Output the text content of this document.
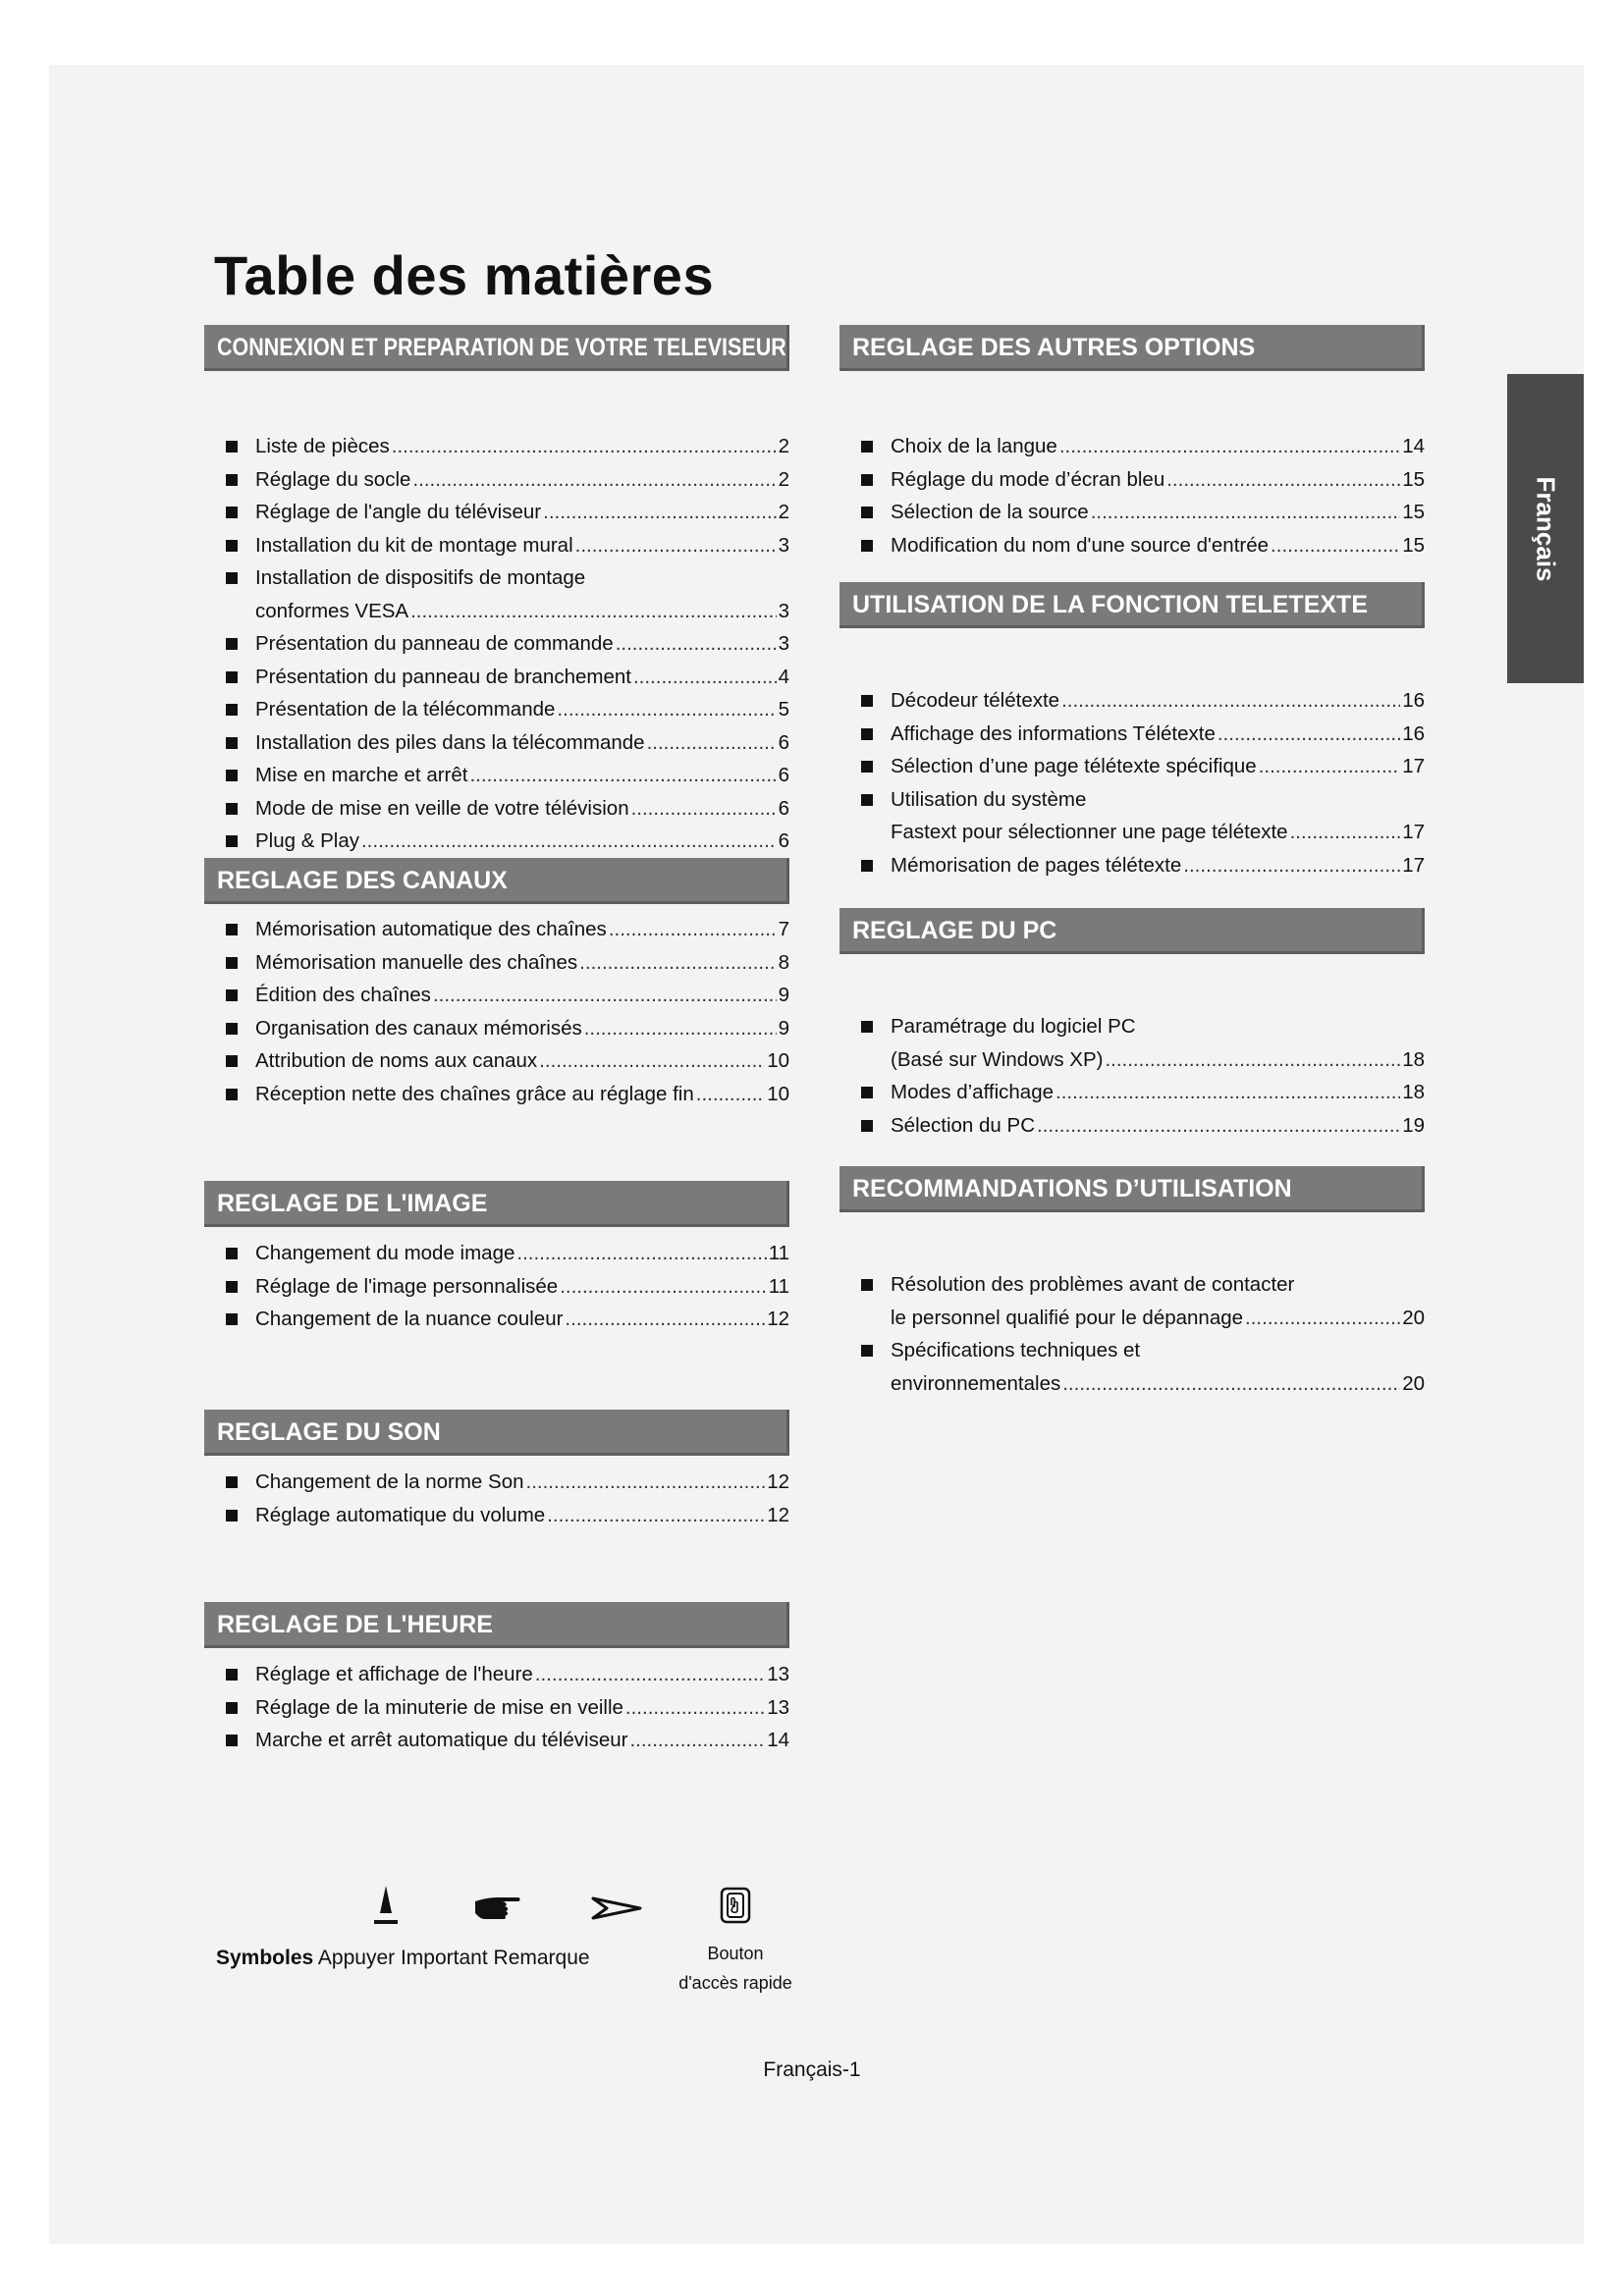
Table des matières
Français
CONNEXION ET PREPARATION DE VOTRE TELEVISEUR
Liste de pièces .....	2
Réglage du socle .....	2
Réglage de l'angle du téléviseur .....	2
Installation du kit de montage mural .....	3
Installation de dispositifs de montage
conformes VESA .....	3
Présentation du panneau de commande .....	3
Présentation du panneau de branchement .....	4
Présentation de la télécommande .....	5
Installation des piles dans la télécommande .....	6
Mise en marche et arrêt .....	6
Mode de mise en veille de votre télévision .....	6
Plug & Play .....	6
REGLAGE DES CANAUX
Mémorisation automatique des chaînes .....	7
Mémorisation manuelle des chaînes .....	8
Édition des chaînes .....	9
Organisation des canaux mémorisés .....	9
Attribution de noms aux canaux .....	10
Réception nette des chaînes grâce au réglage fin .....	10
REGLAGE DE L'IMAGE
Changement du mode image .....	11
Réglage de l'image personnalisée .....	11
Changement de la nuance couleur .....	12
REGLAGE DU SON
Changement de la norme Son .....	12
Réglage automatique du volume .....	12
REGLAGE DE L'HEURE
Réglage et affichage de l'heure .....	13
Réglage de la minuterie de mise en veille .....	13
Marche et arrêt automatique du téléviseur .....	14
REGLAGE DES AUTRES OPTIONS
Choix de la langue .....	14
Réglage du mode d’écran bleu .....	15
Sélection de la source .....	15
Modification du nom d'une source d'entrée .....	15
UTILISATION DE LA FONCTION TELETEXTE
Décodeur télétexte .....	16
Affichage des informations Télétexte .....	16
Sélection d’une page télétexte spécifique .....	17
Utilisation du système
Fastext pour sélectionner une page télétexte .....	17
Mémorisation de pages télétexte .....	17
REGLAGE DU PC
Paramétrage du logiciel PC
(Basé sur Windows XP) .....	18
Modes d’affichage .....	18
Sélection du PC .....	19
RECOMMANDATIONS D’UTILISATION
Résolution des problèmes avant de contacter
le personnel qualifié pour le dépannage .....	20
Spécifications techniques et
environnementales .....	20
Symboles Appuyer Important Remarque	Bouton
d'accès rapide
Français-1
